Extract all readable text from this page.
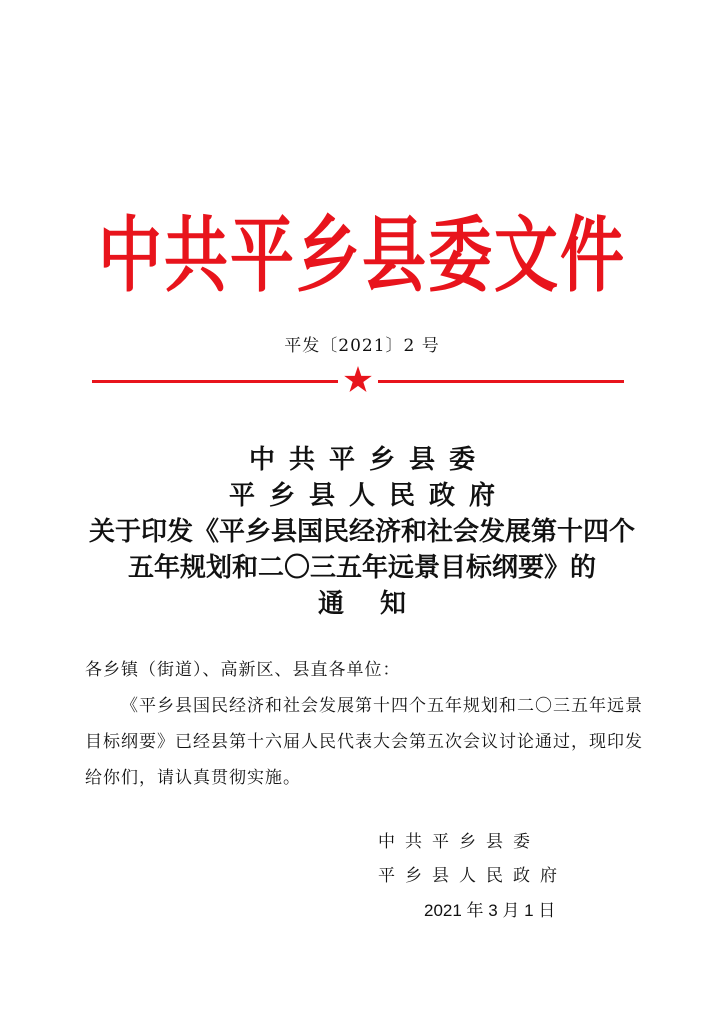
中共平乡县委文件
平发〔2021〕2 号
中共平乡县委
平乡县人民政府
关于印发《平乡县国民经济和社会发展第十四个
五年规划和二〇三五年远景目标纲要》的
通知
各乡镇（街道）、高新区、县直各单位：
《平乡县国民经济和社会发展第十四个五年规划和二〇三五年远景目标纲要》已经县第十六届人民代表大会第五次会议讨论通过，现印发给你们，请认真贯彻实施。
中共平乡县委
平乡县人民政府
2021 年 3 月 1 日
